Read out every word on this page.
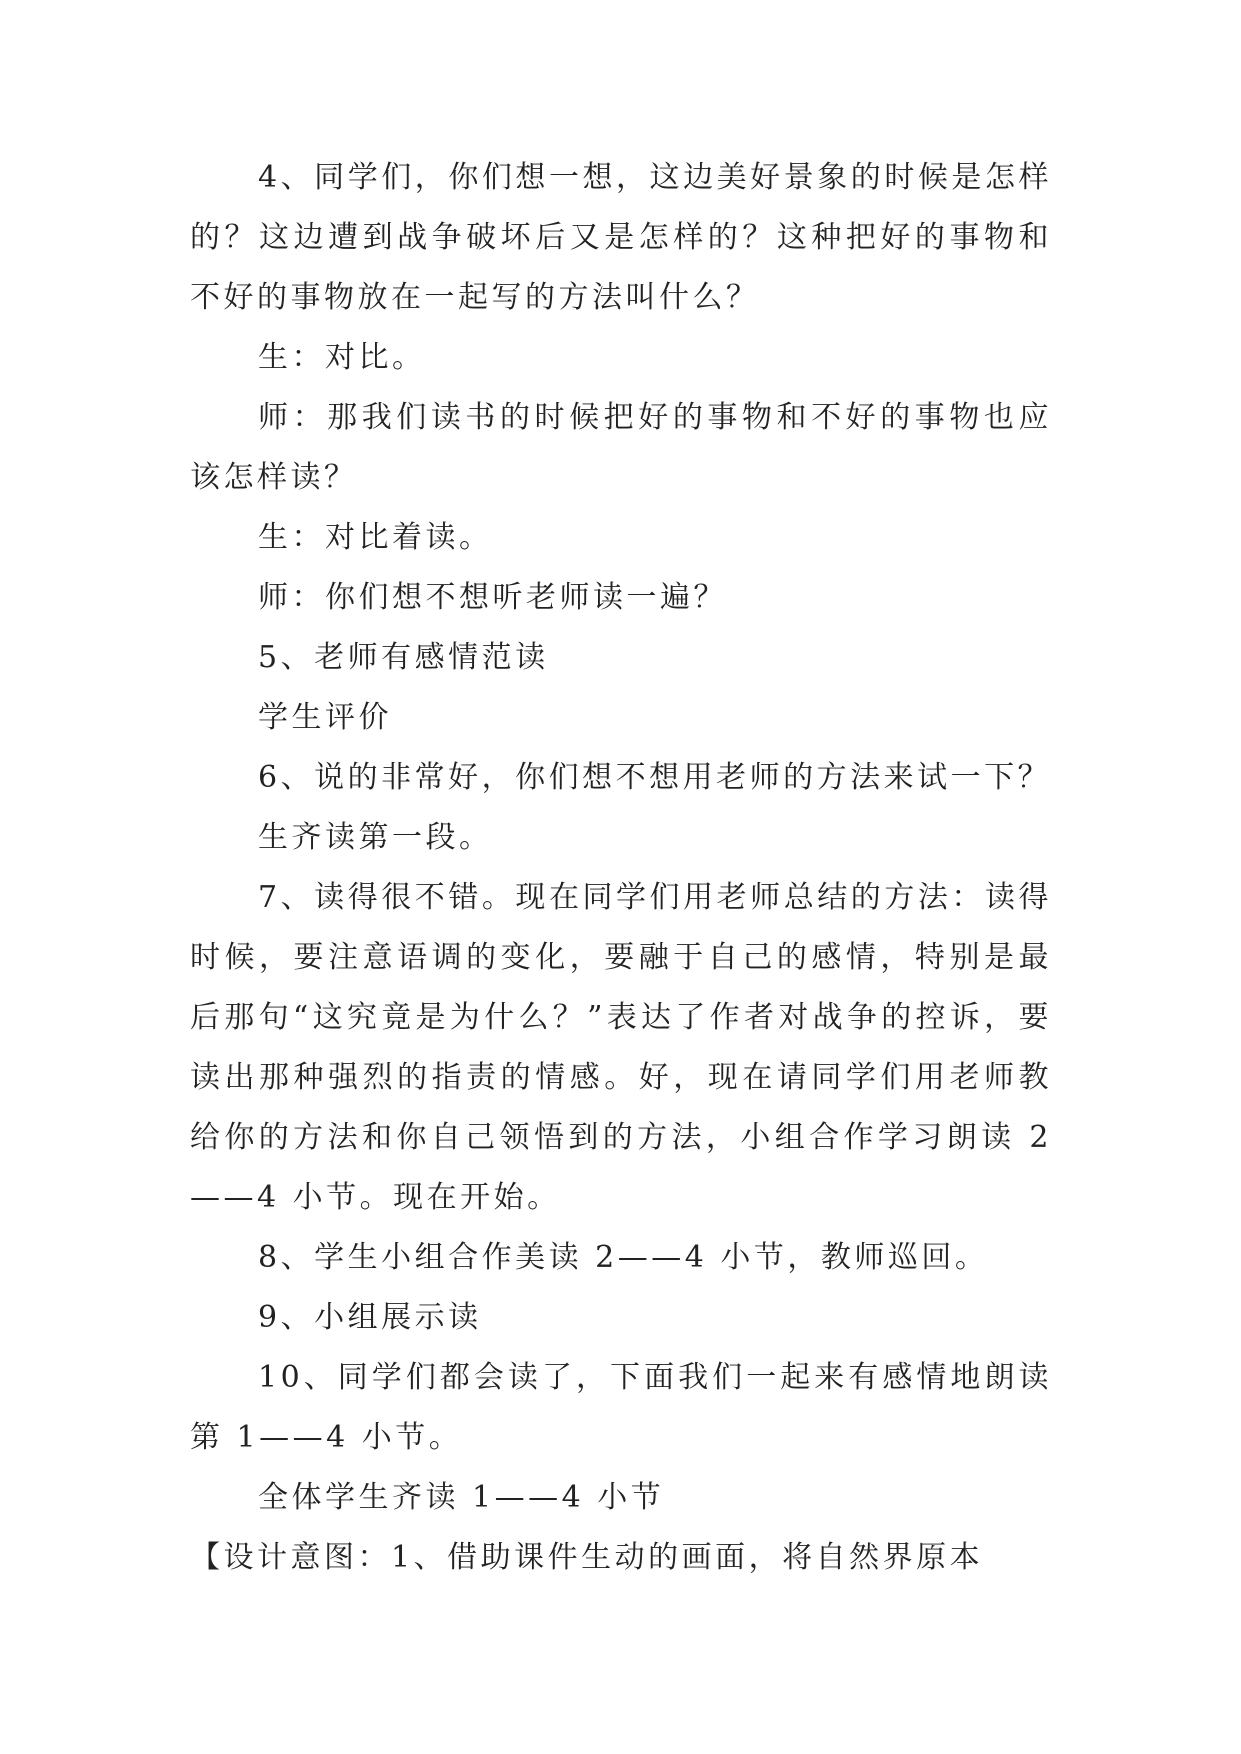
4、同学们，你们想一想，这边美好景象的时候是怎样的？这边遭到战争破坏后又是怎样的？这种把好的事物和不好的事物放在一起写的方法叫什么？

生：对比。

师：那我们读书的时候把好的事物和不好的事物也应该怎样读？

生：对比着读。

师：你们想不想听老师读一遍？

5、老师有感情范读

学生评价

6、说的非常好，你们想不想用老师的方法来试一下？

生齐读第一段。

7、读得很不错。现在同学们用老师总结的方法：读得时候，要注意语调的变化，要融于自己的感情，特别是最后那句“这究竟是为什么？”表达了作者对战争的控诉，要读出那种强烈的指责的情感。好，现在请同学们用老师教给你的方法和你自己领悟到的方法，小组合作学习朗读 2——4 小节。现在开始。

8、学生小组合作美读 2——4 小节，教师巡回。

9、小组展示读

10、同学们都会读了，下面我们一起来有感情地朗读第 1——4 小节。

全体学生齐读 1——4 小节

【设计意图：1、借助课件生动的画面，将自然界原本
